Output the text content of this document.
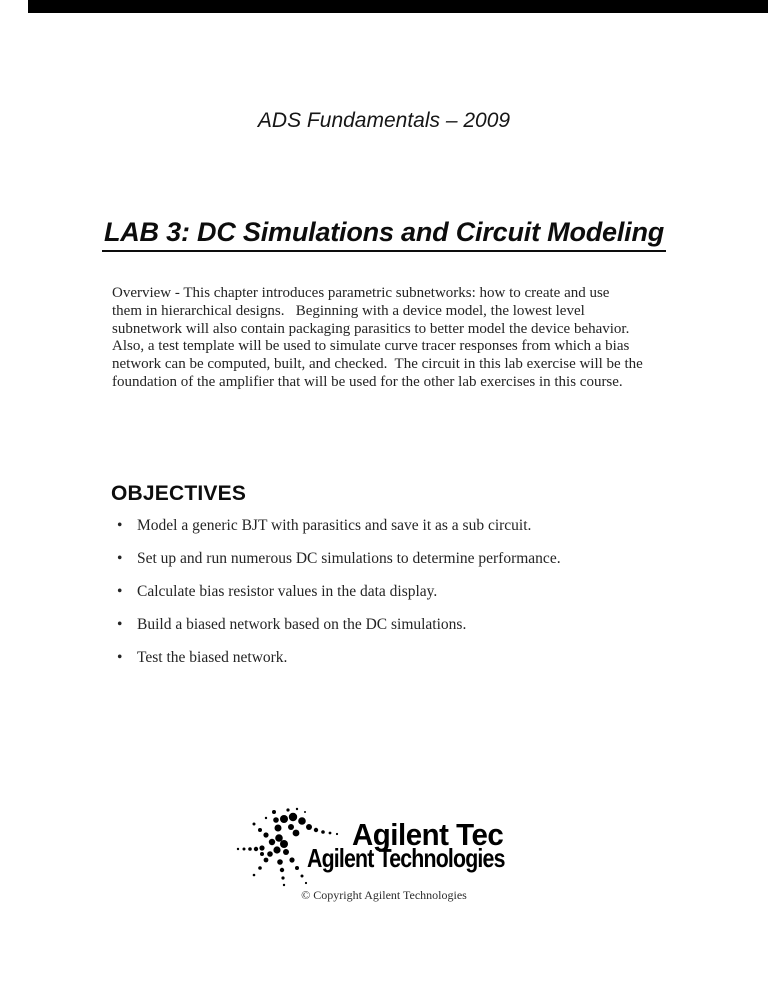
ADS Fundamentals – 2009
LAB 3: DC Simulations and Circuit Modeling
Overview - This chapter introduces parametric subnetworks: how to create and use
them in hierarchical designs.   Beginning with a device model, the lowest level
subnetwork will also contain packaging parasitics to better model the device behavior.
Also, a test template will be used to simulate curve tracer responses from which a bias
network can be computed, built, and checked.  The circuit in this lab exercise will be the
foundation of the amplifier that will be used for the other lab exercises in this course.
OBJECTIVES
• Model a generic BJT with parasitics and save it as a sub circuit.
• Set up and run numerous DC simulations to determine performance.
• Calculate bias resistor values in the data display.
• Build a biased network based on the DC simulations.
• Test the biased network.
Agilent Tec
Agilent Technologies
© Copyright Agilent Technologies
